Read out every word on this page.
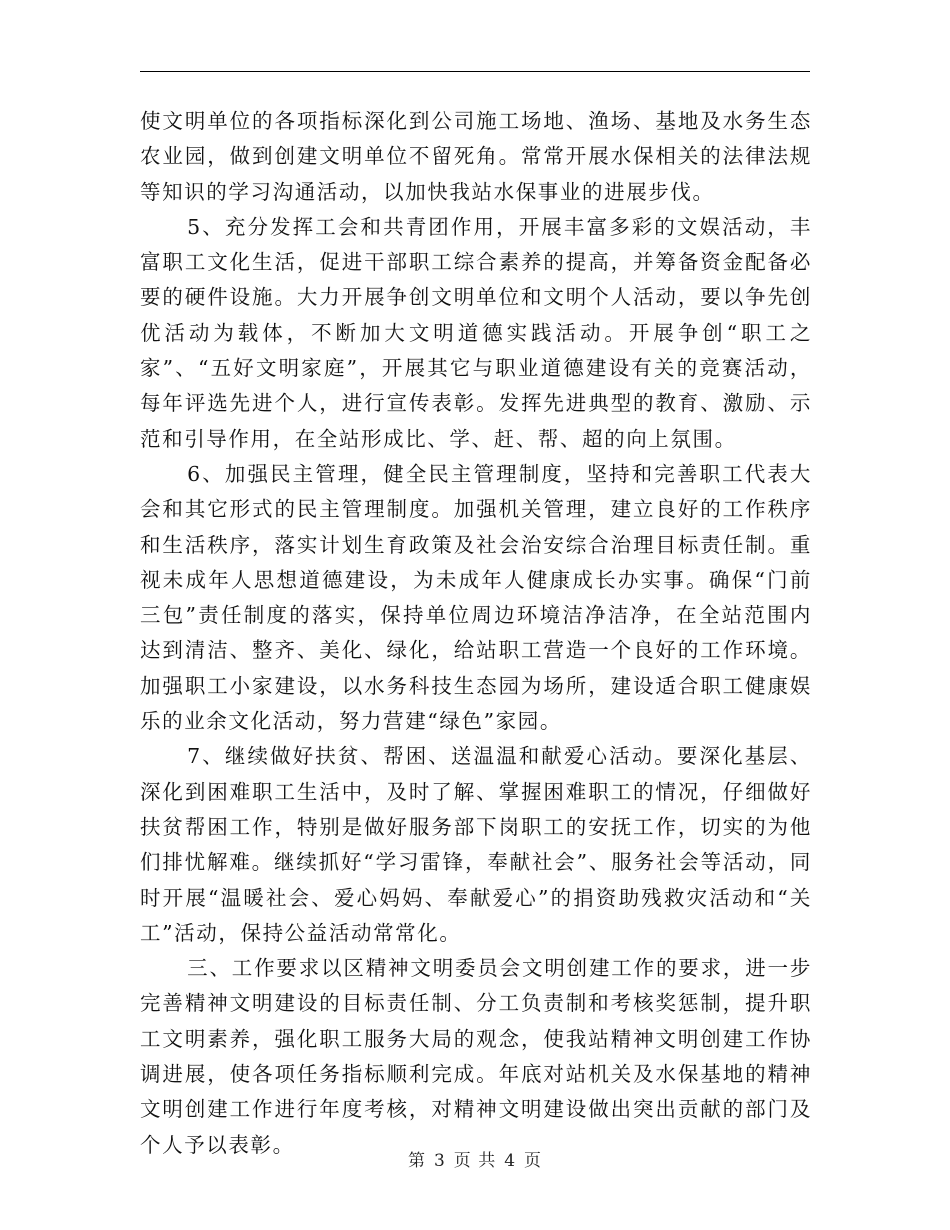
使文明单位的各项指标深化到公司施工场地、渔场、基地及水务生态农业园，做到创建文明单位不留死角。常常开展水保相关的法律法规等知识的学习沟通活动，以加快我站水保事业的进展步伐。

5、充分发挥工会和共青团作用，开展丰富多彩的文娱活动，丰富职工文化生活，促进干部职工综合素养的提高，并筹备资金配备必要的硬件设施。大力开展争创文明单位和文明个人活动，要以争先创优活动为载体，不断加大文明道德实践活动。开展争创“职工之家”、“五好文明家庭”，开展其它与职业道德建设有关的竞赛活动，每年评选先进个人，进行宣传表彰。发挥先进典型的教育、激励、示范和引导作用，在全站形成比、学、赶、帮、超的向上氛围。

6、加强民主管理，健全民主管理制度，坚持和完善职工代表大会和其它形式的民主管理制度。加强机关管理，建立良好的工作秩序和生活秩序，落实计划生育政策及社会治安综合治理目标责任制。重视未成年人思想道德建设，为未成年人健康成长办实事。确保“门前三包”责任制度的落实，保持单位周边环境洁净洁净，在全站范围内达到清洁、整齐、美化、绿化，给站职工营造一个良好的工作环境。加强职工小家建设，以水务科技生态园为场所，建设适合职工健康娱乐的业余文化活动，努力营建“绿色”家园。

7、继续做好扶贫、帮困、送温温和献爱心活动。要深化基层、深化到困难职工生活中，及时了解、掌握困难职工的情况，仔细做好扶贫帮困工作，特别是做好服务部下岗职工的安抚工作，切实的为他们排忧解难。继续抓好“学习雷锋，奉献社会”、服务社会等活动，同时开展“温暖社会、爱心妈妈、奉献爱心”的捐资助残救灾活动和“关工”活动，保持公益活动常常化。

三、工作要求以区精神文明委员会文明创建工作的要求，进一步完善精神文明建设的目标责任制、分工负责制和考核奖惩制，提升职工文明素养，强化职工服务大局的观念，使我站精神文明创建工作协调进展，使各项任务指标顺利完成。年底对站机关及水保基地的精神文明创建工作进行年度考核，对精神文明建设做出突出贡献的部门及个人予以表彰。

第 3 页 共 4 页
